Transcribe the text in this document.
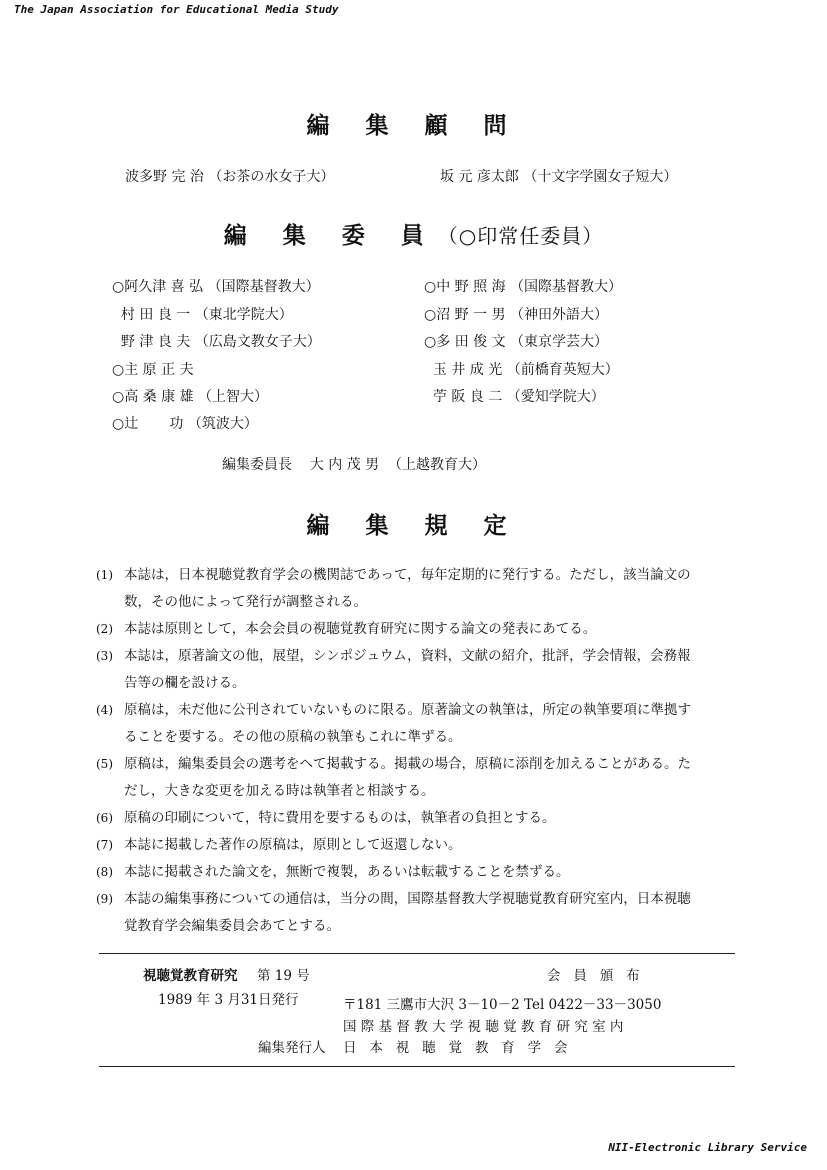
The Japan Association for Educational Media Study
編 集 顧 問
波多野 完 治 （お茶の水女子大）	坂 元 彦太郎 （十文字学園女子短大）
編 集 委 員（○印常任委員）
○阿久津 喜 弘 （国際基督教大）
村 田 良 一 （東北学院大）
野 津 良 夫 （広島文教女子大）
○主 原 正 夫
○高 桑 康 雄 （上智大）
○辻       功 （筑波大）
○中 野 照 海 （国際基督教大）
○沼 野 一 男 （神田外語大）
○多 田 俊 文 （東京学芸大）
玉 井 成 光 （前橋育英短大）
苧 阪 良 二 （愛知学院大）
編集委員長    大 内 茂 男  （上越教育大）
編 集 規 定
(1) 本誌は，日本視聴覚教育学会の機関誌であって，毎年定期的に発行する。ただし，該当論文の
数，その他によって発行が調整される。
(2) 本誌は原則として，本会会員の視聴覚教育研究に関する論文の発表にあてる。
(3) 本誌は，原著論文の他，展望，シンポジュウム，資料，文献の紹介，批評，学会情報，会務報
告等の欄を設ける。
(4) 原稿は，未だ他に公刊されていないものに限る。原著論文の執筆は，所定の執筆要項に準拠す
ることを要する。その他の原稿の執筆もこれに準ずる。
(5) 原稿は，編集委員会の選考をへて掲載する。掲載の場合，原稿に添削を加えることがある。た
だし，大きな変更を加える時は執筆者と相談する。
(6) 原稿の印刷について，特に費用を要するものは，執筆者の負担とする。
(7) 本誌に掲載した著作の原稿は，原則として返還しない。
(8) 本誌に掲載された論文を，無断で複製，あるいは転載することを禁ずる。
(9) 本誌の編集事務についての通信は，当分の間，国際基督教大学視聴覚教育研究室内，日本視聴
覚教育学会編集委員会あてとする。
視聴覚教育研究 第 19 号	会   員   頒   布
1989 年 3 月31日発行	〒181 三鷹市大沢 3－10－2 Tel 0422－33－3050
国 際 基 督 教 大 学 視 聴 覚 教 育 研 究 室 内
編集発行人 日   本   視   聴   覚   教   育   学   会
NII-Electronic Library Service
